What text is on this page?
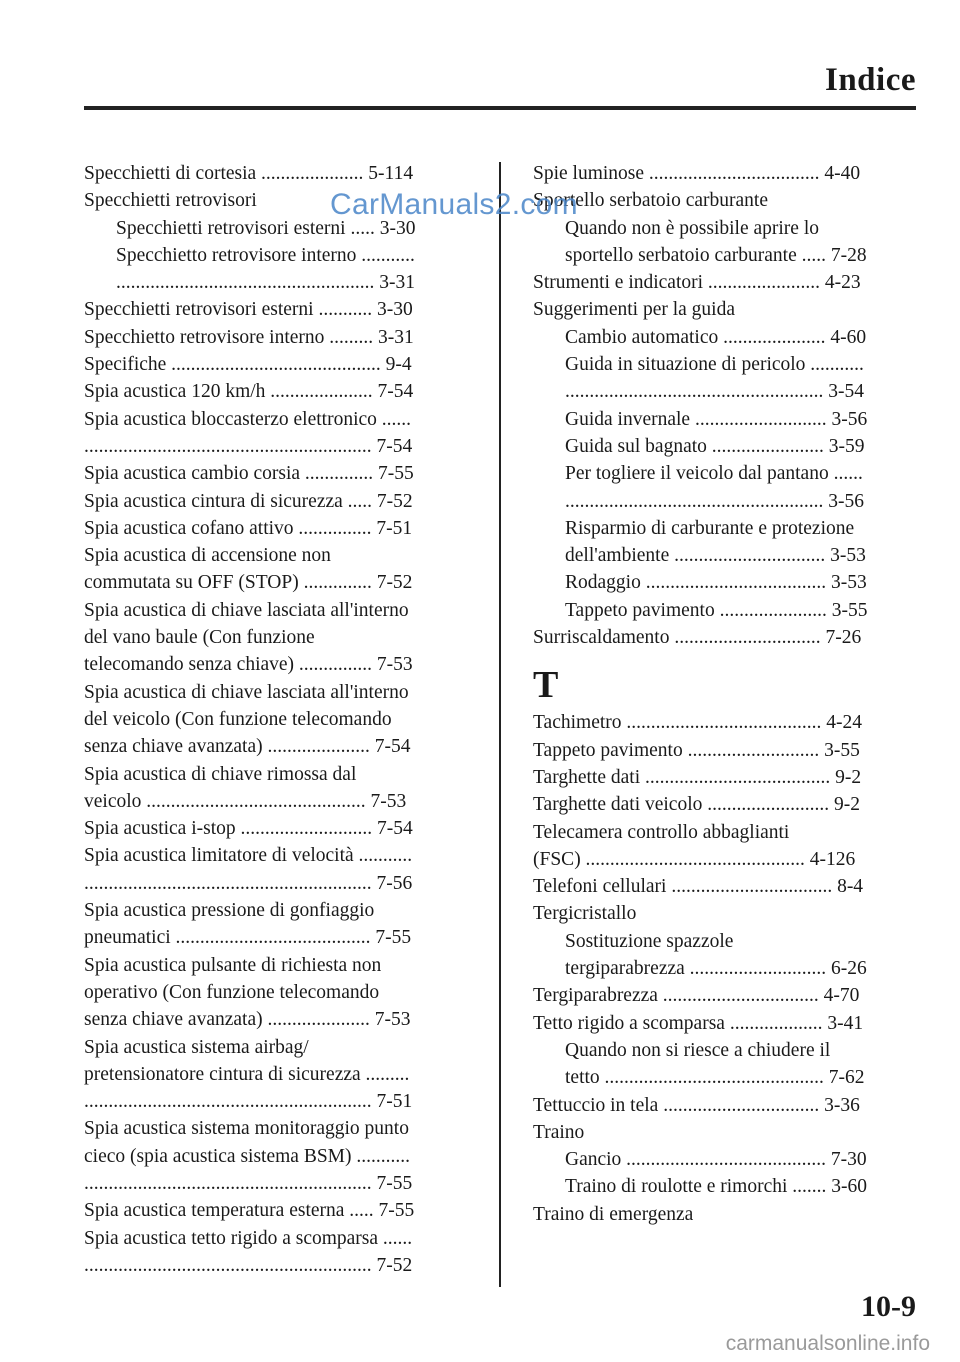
Indice
Specchietti di cortesia ..................... 5-114
Specchietti retrovisori
Specchietti retrovisori esterni ..... 3-30
Specchietto retrovisore interno ...........
..................................................... 3-31
Specchietti retrovisori esterni ........... 3-30
Specchietto retrovisore interno ......... 3-31
Specifiche ........................................... 9-4
Spia acustica 120 km/h ..................... 7-54
Spia acustica bloccasterzo elettronico ......
........................................................... 7-54
Spia acustica cambio corsia .............. 7-55
Spia acustica cintura di sicurezza ..... 7-52
Spia acustica cofano attivo ............... 7-51
Spia acustica di accensione non
commutata su OFF (STOP) .............. 7-52
Spia acustica di chiave lasciata all'interno
del vano baule (Con funzione
telecomando senza chiave) ............... 7-53
Spia acustica di chiave lasciata all'interno
del veicolo (Con funzione telecomando
senza chiave avanzata) ..................... 7-54
Spia acustica di chiave rimossa dal
veicolo ............................................. 7-53
Spia acustica i-stop ........................... 7-54
Spia acustica limitatore di velocità ...........
........................................................... 7-56
Spia acustica pressione di gonfiaggio
pneumatici ........................................ 7-55
Spia acustica pulsante di richiesta non
operativo (Con funzione telecomando
senza chiave avanzata) ..................... 7-53
Spia acustica sistema airbag/
pretensionatore cintura di sicurezza .........
........................................................... 7-51
Spia acustica sistema monitoraggio punto
cieco (spia acustica sistema BSM) ...........
........................................................... 7-55
Spia acustica temperatura esterna ..... 7-55
Spia acustica tetto rigido a scomparsa ......
........................................................... 7-52
Spie luminose ................................... 4-40
Sportello serbatoio carburante
Quando non è possibile aprire lo
sportello serbatoio carburante ..... 7-28
Strumenti e indicatori ....................... 4-23
Suggerimenti per la guida
Cambio automatico ..................... 4-60
Guida in situazione di pericolo ...........
..................................................... 3-54
Guida invernale ........................... 3-56
Guida sul bagnato ....................... 3-59
Per togliere il veicolo dal pantano ......
..................................................... 3-56
Risparmio di carburante e protezione
dell'ambiente ............................... 3-53
Rodaggio ..................................... 3-53
Tappeto pavimento ...................... 3-55
Surriscaldamento .............................. 7-26
T
Tachimetro ........................................ 4-24
Tappeto pavimento ........................... 3-55
Targhette dati ...................................... 9-2
Targhette dati veicolo ......................... 9-2
Telecamera controllo abbaglianti
(FSC) ............................................. 4-126
Telefoni cellulari ................................. 8-4
Tergicristallo
Sostituzione spazzole
tergiparabrezza ............................ 6-26
Tergiparabrezza ................................ 4-70
Tetto rigido a scomparsa ................... 3-41
Quando non si riesce a chiudere il
tetto ............................................. 7-62
Tettuccio in tela ................................ 3-36
Traino
Gancio ......................................... 7-30
Traino di roulotte e rimorchi ....... 3-60
Traino di emergenza
CarManuals2.com
10-9
carmanualsonline.info
